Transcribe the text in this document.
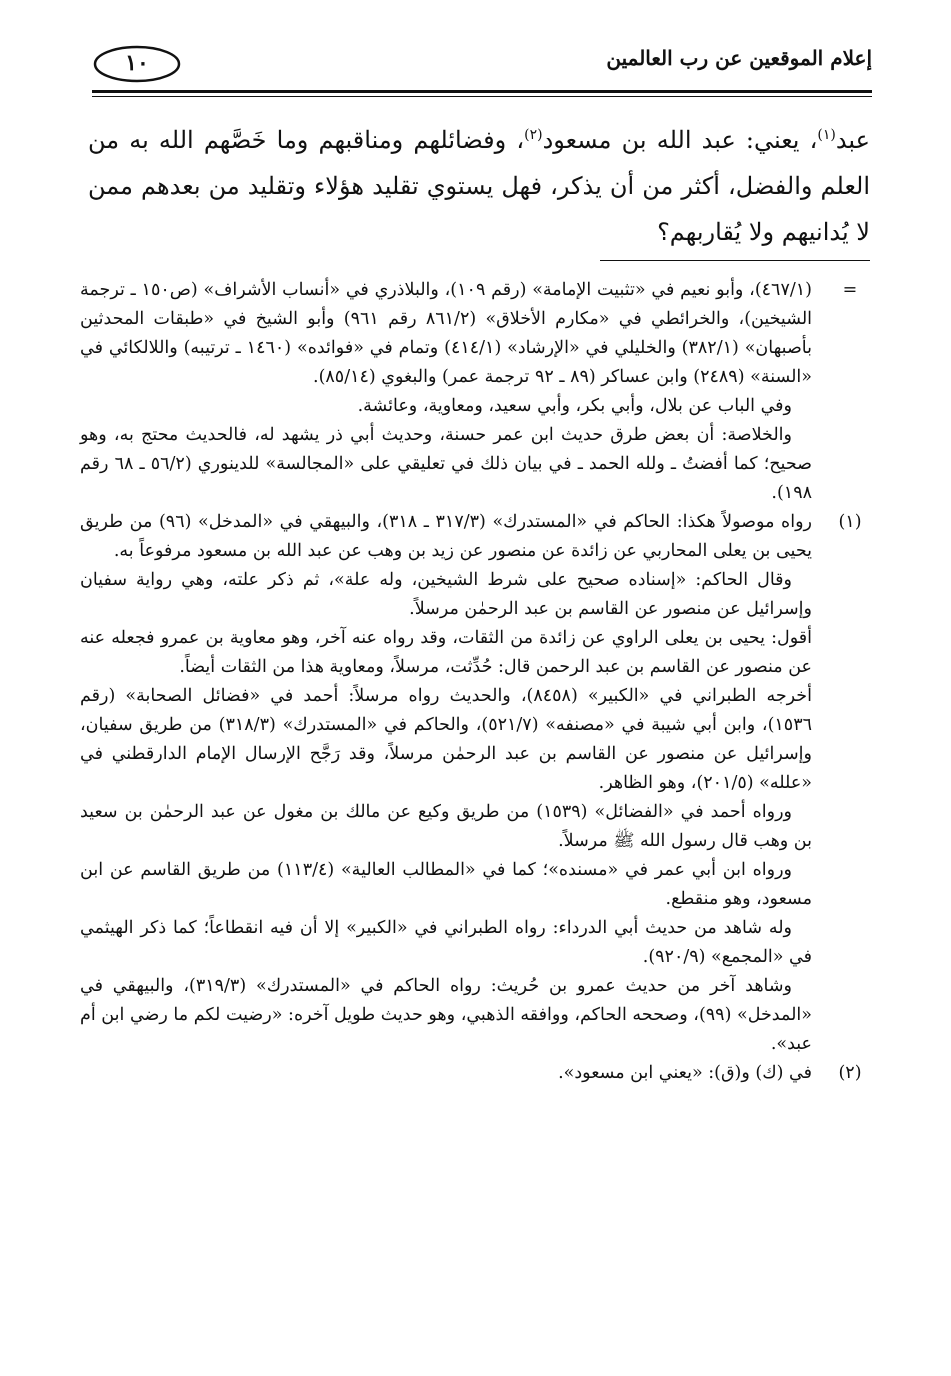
١٠	إعلام الموقعين عن رب العالمين

عبد$^{(١)}$، يعني: عبد الله بن مسعود$^{(٢)}$، وفضائلهم ومناقبهم وما خَصَّهم الله به من العلم والفضل، أكثر من أن يذكر، فهل يستوي تقليد هؤلاء وتقليد من بعدهم ممن لا يُدانيهم ولا يُقاربهم؟

=

(٤٦٧/١)، وأبو نعيم في «تثبيت الإمامة» (رقم ١٠٩)، والبلاذري في «أنساب الأشراف» (ص١٥٠ ـ ترجمة الشيخين)، والخرائطي في «مكارم الأخلاق» (٨٦١/٢ رقم ٩٦١) وأبو الشيخ في «طبقات المحدثين بأصبهان» (٣٨٢/١) والخليلي في «الإرشاد» (٤١٤/١) وتمام في «فوائده» (١٤٦٠ ـ ترتيبه) واللالكائي في «السنة» (٢٤٨٩) وابن عساكر (٨٩ ـ ٩٢ ترجمة عمر) والبغوي (٨٥/١٤).

وفي الباب عن بلال، وأبي بكر، وأبي سعيد، ومعاوية، وعائشة.

والخلاصة: أن بعض طرق حديث ابن عمر حسنة، وحديث أبي ذر يشهد له، فالحديث محتج به، وهو صحيح؛ كما أفضتُ ـ ولله الحمد ـ في بيان ذلك في تعليقي على «المجالسة» للدينوري (٥٦/٢ ـ ٦٨ رقم ١٩٨).

(١)

رواه موصولاً هكذا: الحاكم في «المستدرك» (٣١٧/٣ ـ ٣١٨)، والبيهقي في «المدخل» (٩٦) من طريق يحيى بن يعلى المحاربي عن زائدة عن منصور عن زيد بن وهب عن عبد الله بن مسعود مرفوعاً به.

وقال الحاكم: «إسناده صحيح على شرط الشيخين، وله علة»، ثم ذكر علته، وهي رواية سفيان وإسرائيل عن منصور عن القاسم بن عبد الرحمٰن مرسلاً.

أقول: يحيى بن يعلى الراوي عن زائدة من الثقات، وقد رواه عنه آخر، وهو معاوية بن عمرو فجعله عنه عن منصور عن القاسم بن عبد الرحمن قال: حُدِّثت، مرسلاً، ومعاوية هذا من الثقات أيضاً.

أخرجه الطبراني في «الكبير» (٨٤٥٨)، والحديث رواه مرسلاً: أحمد في «فضائل الصحابة» (رقم ١٥٣٦)، وابن أبي شيبة في «مصنفه» (٥٢١/٧)، والحاكم في «المستدرك» (٣١٨/٣) من طريق سفيان، وإسرائيل عن منصور عن القاسم بن عبد الرحمٰن مرسلاً، وقد رَجَّح الإرسال الإمام الدارقطني في «علله» (٢٠١/٥)، وهو الظاهر.

ورواه أحمد في «الفضائل» (١٥٣٩) من طريق وكيع عن مالك بن مغول عن عبد الرحمٰن بن سعيد بن وهب قال رسول الله ﷺ مرسلاً.

ورواه ابن أبي عمر في «مسنده»؛ كما في «المطالب العالية» (١١٣/٤) من طريق القاسم عن ابن مسعود، وهو منقطع.

وله شاهد من حديث أبي الدرداء: رواه الطبراني في «الكبير» إلا أن فيه انقطاعاً؛ كما ذكر الهيثمي في «المجمع» (٩٢٠/٩).

وشاهد آخر من حديث عمرو بن حُريث: رواه الحاكم في «المستدرك» (٣١٩/٣)، والبيهقي في «المدخل» (٩٩)، وصححه الحاكم، ووافقه الذهبي، وهو حديث طويل آخره: «رضيت لكم ما رضي ابن أم عبد».

(٢)

في (ك) و(ق): «يعني ابن مسعود».
